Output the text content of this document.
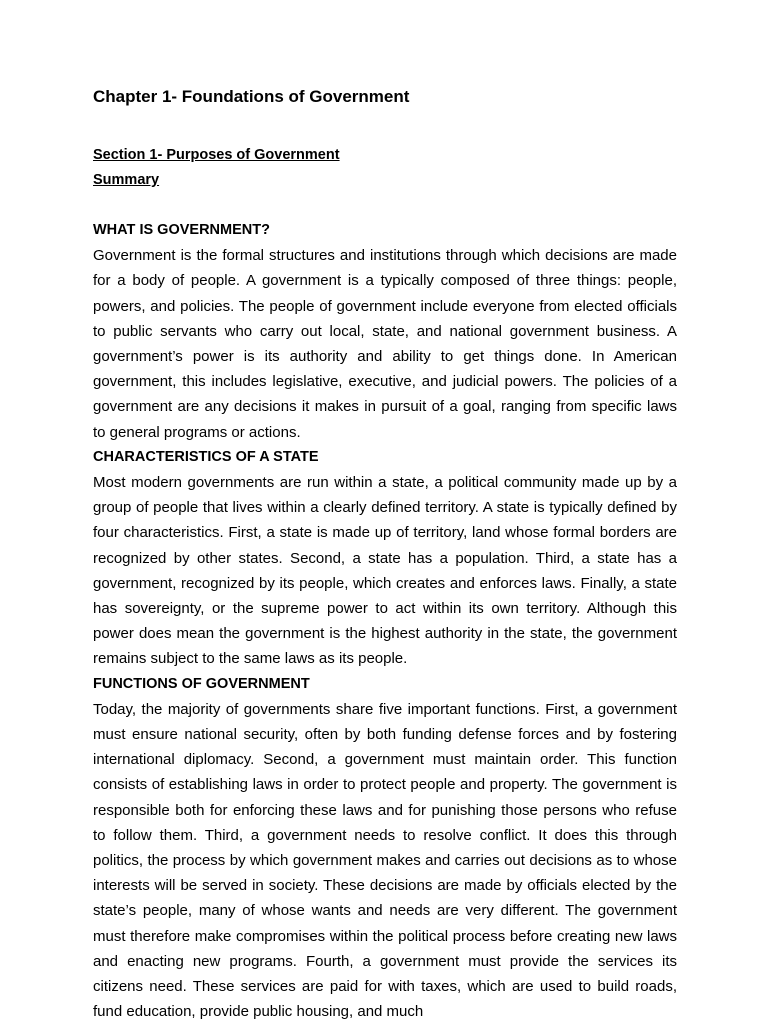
Chapter 1- Foundations of Government
Section 1- Purposes of Government
Summary
WHAT IS GOVERNMENT?

Government is the formal structures and institutions through which decisions are made for a body of people. A government is a typically composed of three things: people, powers, and policies. The people of government include everyone from elected officials to public servants who carry out local, state, and national government business. A government’s power is its authority and ability to get things done. In American government, this includes legislative, executive, and judicial powers. The policies of a government are any decisions it makes in pursuit of a goal, ranging from specific laws to general programs or actions.

CHARACTERISTICS OF A STATE

Most modern governments are run within a state, a political community made up by a group of people that lives within a clearly defined territory. A state is typically defined by four characteristics. First, a state is made up of territory, land whose formal borders are recognized by other states. Second, a state has a population. Third, a state has a government, recognized by its people, which creates and enforces laws. Finally, a state has sovereignty, or the supreme power to act within its own territory. Although this power does mean the government is the highest authority in the state, the government remains subject to the same laws as its people.

FUNCTIONS OF GOVERNMENT

Today, the majority of governments share five important functions. First, a government must ensure national security, often by both funding defense forces and by fostering international diplomacy. Second, a government must maintain order. This function consists of establishing laws in order to protect people and property. The government is responsible both for enforcing these laws and for punishing those persons who refuse to follow them. Third, a government needs to resolve conflict. It does this through politics, the process by which government makes and carries out decisions as to whose interests will be served in society. These decisions are made by officials elected by the state’s people, many of whose wants and needs are very different. The government must therefore make compromises within the political process before creating new laws and enacting new programs. Fourth, a government must provide the services its citizens need. These services are paid for with taxes, which are used to build roads, fund education, provide public housing, and much
